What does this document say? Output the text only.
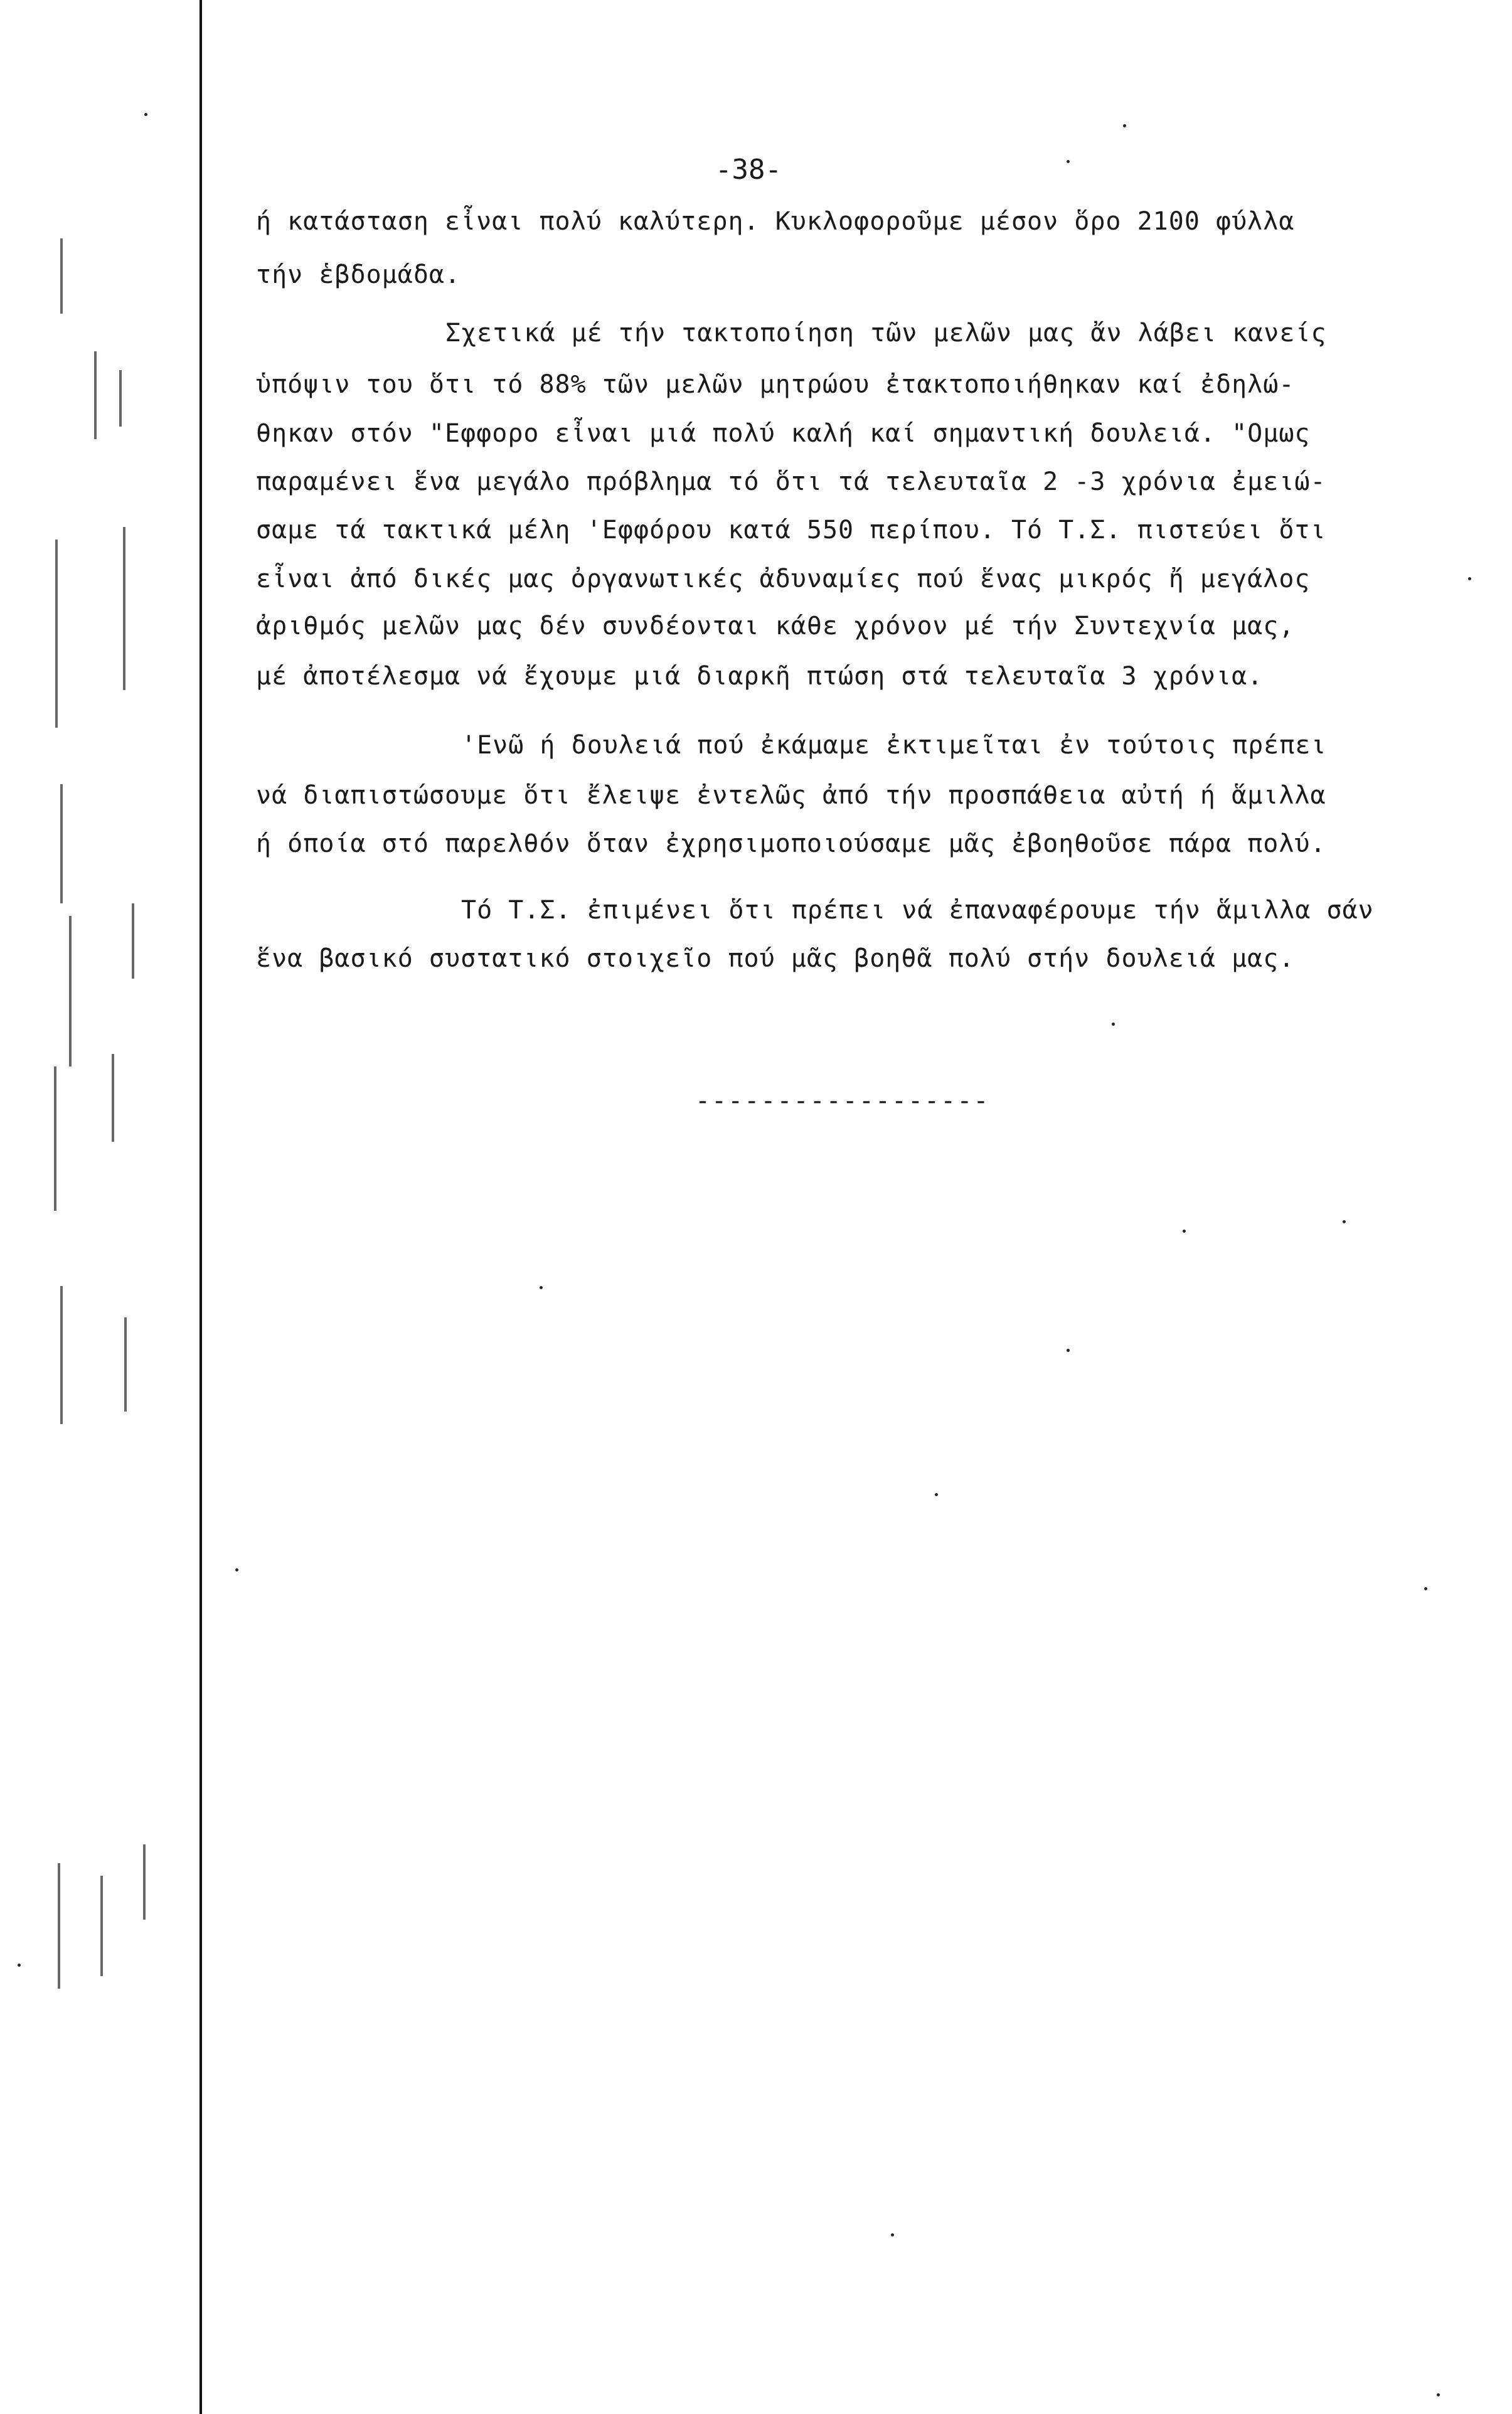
-38-
ή κατάσταση εἶναι πολύ καλύτερη. Κυκλοφοροῦμε μέσον ὅρο 2100 φύλλα
τήν ἑβδομάδα.
Σχετικά μέ τήν τακτοποίηση τῶν μελῶν μας ἄν λάβει κανείς
ὑπόψιν του ὅτι τό 88% τῶν μελῶν μητρώου ἐτακτοποιήθηκαν καί ἐδηλώ-
θηκαν στόν "Εφφορο εἶναι μιά πολύ καλή καί σημαντική δουλειά. "Ομως
παραμένει ἕνα μεγάλο πρόβλημα τό ὅτι τά τελευταῖα 2 -3 χρόνια ἐμειώ-
σαμε τά τακτικά μέλη 'Εφφόρου κατά 550 περίπου. Τό Τ.Σ. πιστεύει ὅτι
εἶναι ἀπό δικές μας ὀργανωτικές ἀδυναμίες πού ἕνας μικρός ἤ μεγάλος
ἀριθμός μελῶν μας δέν συνδέονται κάθε χρόνον μέ τήν Συντεχνία μας,
μέ ἀποτέλεσμα νά ἔχουμε μιά διαρκῆ πτώση στά τελευταῖα 3 χρόνια.
'Ενῶ ή δουλειά πού ἐκάμαμε ἐκτιμεῖται ἐν τούτοις πρέπει
νά διαπιστώσουμε ὅτι ἔλειψε ἐντελῶς ἀπό τήν προσπάθεια αὐτή ή ἅμιλλα
ή όποία στό παρελθόν ὅταν ἐχρησιμοποιούσαμε μᾶς ἐβοηθοῦσε πάρα πολύ.
Τό Τ.Σ. ἐπιμένει ὅτι πρέπει νά ἐπαναφέρουμε τήν ἅμιλλα σάν
ἕνα βασικό συστατικό στοιχεῖο πού μᾶς βοηθᾶ πολύ στήν δουλειά μας.
------------------
